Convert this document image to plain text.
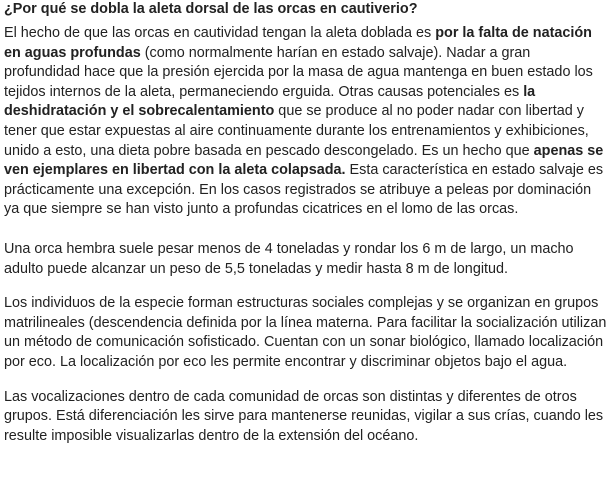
¿Por qué se dobla la aleta dorsal de las orcas en cautiverio?

El hecho de que las orcas en cautividad tengan la aleta doblada es por la falta de natación en aguas profundas (como normalmente harían en estado salvaje). Nadar a gran profundidad hace que la presión ejercida por la masa de agua mantenga en buen estado los tejidos internos de la aleta, permaneciendo erguida. Otras causas potenciales es la deshidratación y el sobrecalentamiento que se produce al no poder nadar con libertad y tener que estar expuestas al aire continuamente durante los entrenamientos y exhibiciones, unido a esto, una dieta pobre basada en pescado descongelado. Es un hecho que apenas se ven ejemplares en libertad con la aleta colapsada. Esta característica en estado salvaje es prácticamente una excepción. En los casos registrados se atribuye a peleas por dominación ya que siempre se han visto junto a profundas cicatrices en el lomo de las orcas.

Una orca hembra suele pesar menos de 4 toneladas y rondar los 6 m de largo, un macho adulto puede alcanzar un peso de 5,5 toneladas y medir hasta 8 m de longitud.

Los individuos de la especie forman estructuras sociales complejas y se organizan en grupos matrilineales (descendencia definida por la línea materna. Para facilitar la socialización utilizan un método de comunicación sofisticado. Cuentan con un sonar biológico, llamado localización por eco. La localización por eco les permite encontrar y discriminar objetos bajo el agua.

Las vocalizaciones dentro de cada comunidad de orcas son distintas y diferentes de otros grupos. Está diferenciación les sirve para mantenerse reunidas, vigilar a sus crías, cuando les resulte imposible visualizarlas dentro de la extensión del océano.
